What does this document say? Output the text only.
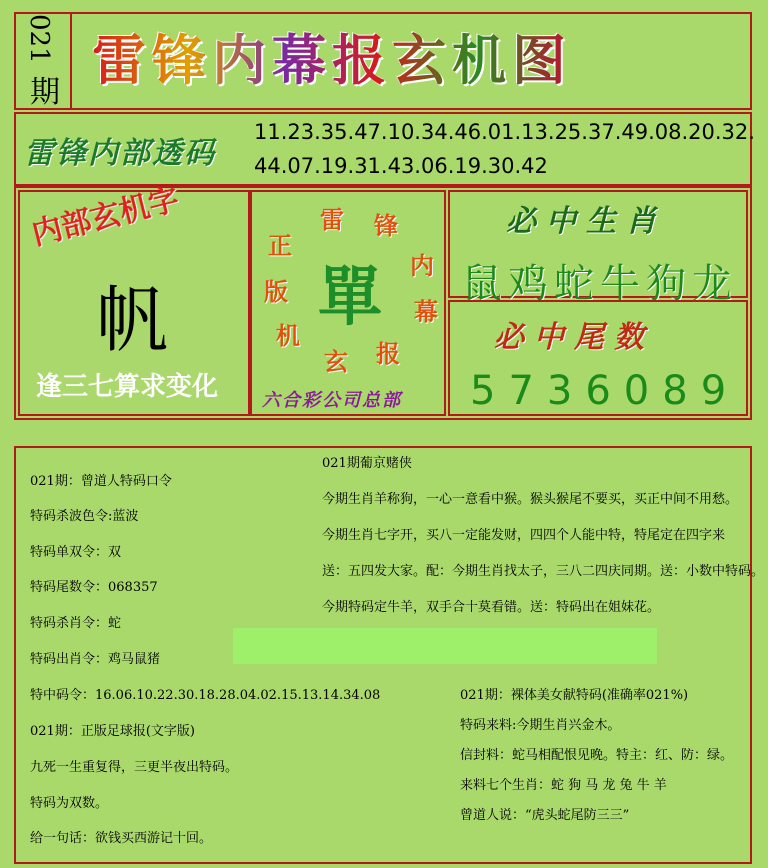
021
期
雷锋内幕报玄机图
雷锋内部透码
11.23.35.47.10.34.46.01.13.25.37.49.08.20.32.
44.07.19.31.43.06.19.30.42
内部玄机字
帆
逢三七算求变化
正
版
雷 锋
内
幕
报
玄
机
單
六合彩公司总部
必中生肖
鼠鸡蛇牛狗龙
必中尾数
5736089
021期：曾道人特码口令
特码杀波色令:蓝波
特码单双令：双
特码尾数令：068357
特码杀肖令：蛇
特码出肖令：鸡马鼠猪
特中码令：16.06.10.22.30.18.28.04.02.15.13.14.34.08
021期：正版足球报(文字版)
九死一生重复得，三更半夜出特码。
特码为双数。
给一句话：欲钱买西游记十回。
021期葡京赌侠
今期生肖羊称狗，一心一意看中猴。猴头猴尾不要买，买正中间不用愁。
今期生肖七字开，买八一定能发财，四四个人能中特，特尾定在四字来
送：五四发大家。配：今期生肖找太子，三八二四庆同期。送：小数中特码。
今期特码定牛羊，双手合十莫看错。送：特码出在姐妹花。
021期：裸体美女献特码(准确率021%)
特码来料:今期生肖兴金木。
信封料：蛇马相配恨见晚。特主：红、防：绿。
来料七个生肖：蛇 狗 马 龙 兔 牛 羊
曾道人说：“虎头蛇尾防三三”
